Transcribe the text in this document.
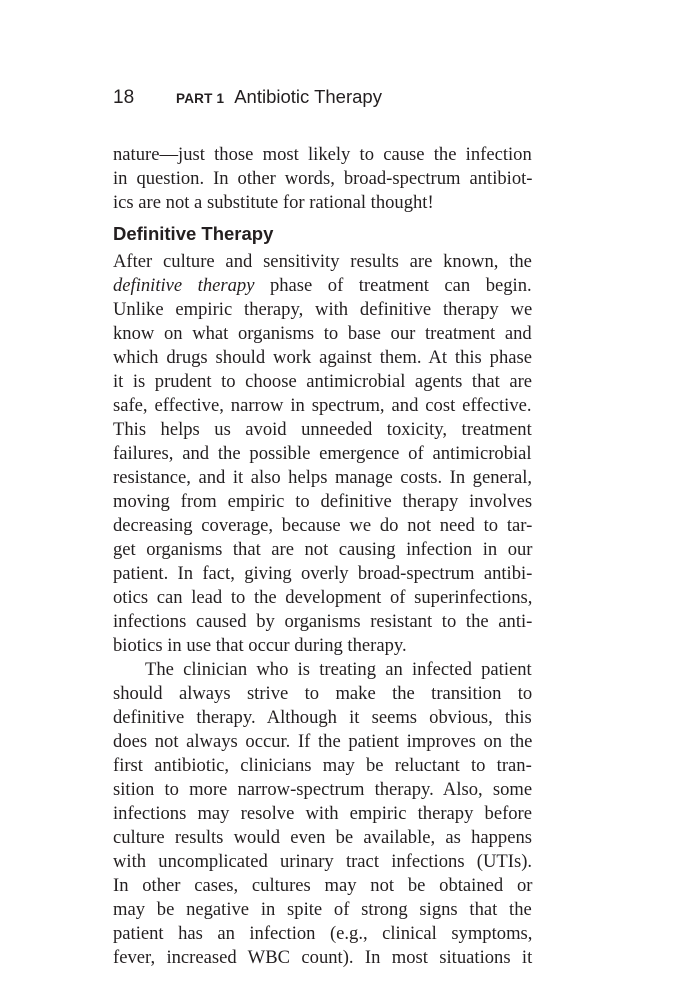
18	PART 1 Antibiotic Therapy
nature—just those most likely to cause the infection
in question. In other words, broad-spectrum antibiot-
ics are not a substitute for rational thought!
Definitive Therapy
After culture and sensitivity results are known, the
definitive therapy phase of treatment can begin.
Unlike empiric therapy, with definitive therapy we
know on what organisms to base our treatment and
which drugs should work against them. At this phase
it is prudent to choose antimicrobial agents that are
safe, effective, narrow in spectrum, and cost effective.
This helps us avoid unneeded toxicity, treatment
failures, and the possible emergence of antimicrobial
resistance, and it also helps manage costs. In general,
moving from empiric to definitive therapy involves
decreasing coverage, because we do not need to tar-
get organisms that are not causing infection in our
patient. In fact, giving overly broad-spectrum antibi-
otics can lead to the development of superinfections,
infections caused by organisms resistant to the anti-
biotics in use that occur during therapy.
The clinician who is treating an infected patient
should always strive to make the transition to
definitive therapy. Although it seems obvious, this
does not always occur. If the patient improves on the
first antibiotic, clinicians may be reluctant to tran-
sition to more narrow-spectrum therapy. Also, some
infections may resolve with empiric therapy before
culture results would even be available, as happens
with uncomplicated urinary tract infections (UTIs).
In other cases, cultures may not be obtained or
may be negative in spite of strong signs that the
patient has an infection (e.g., clinical symptoms,
fever, increased WBC count). In most situations it
